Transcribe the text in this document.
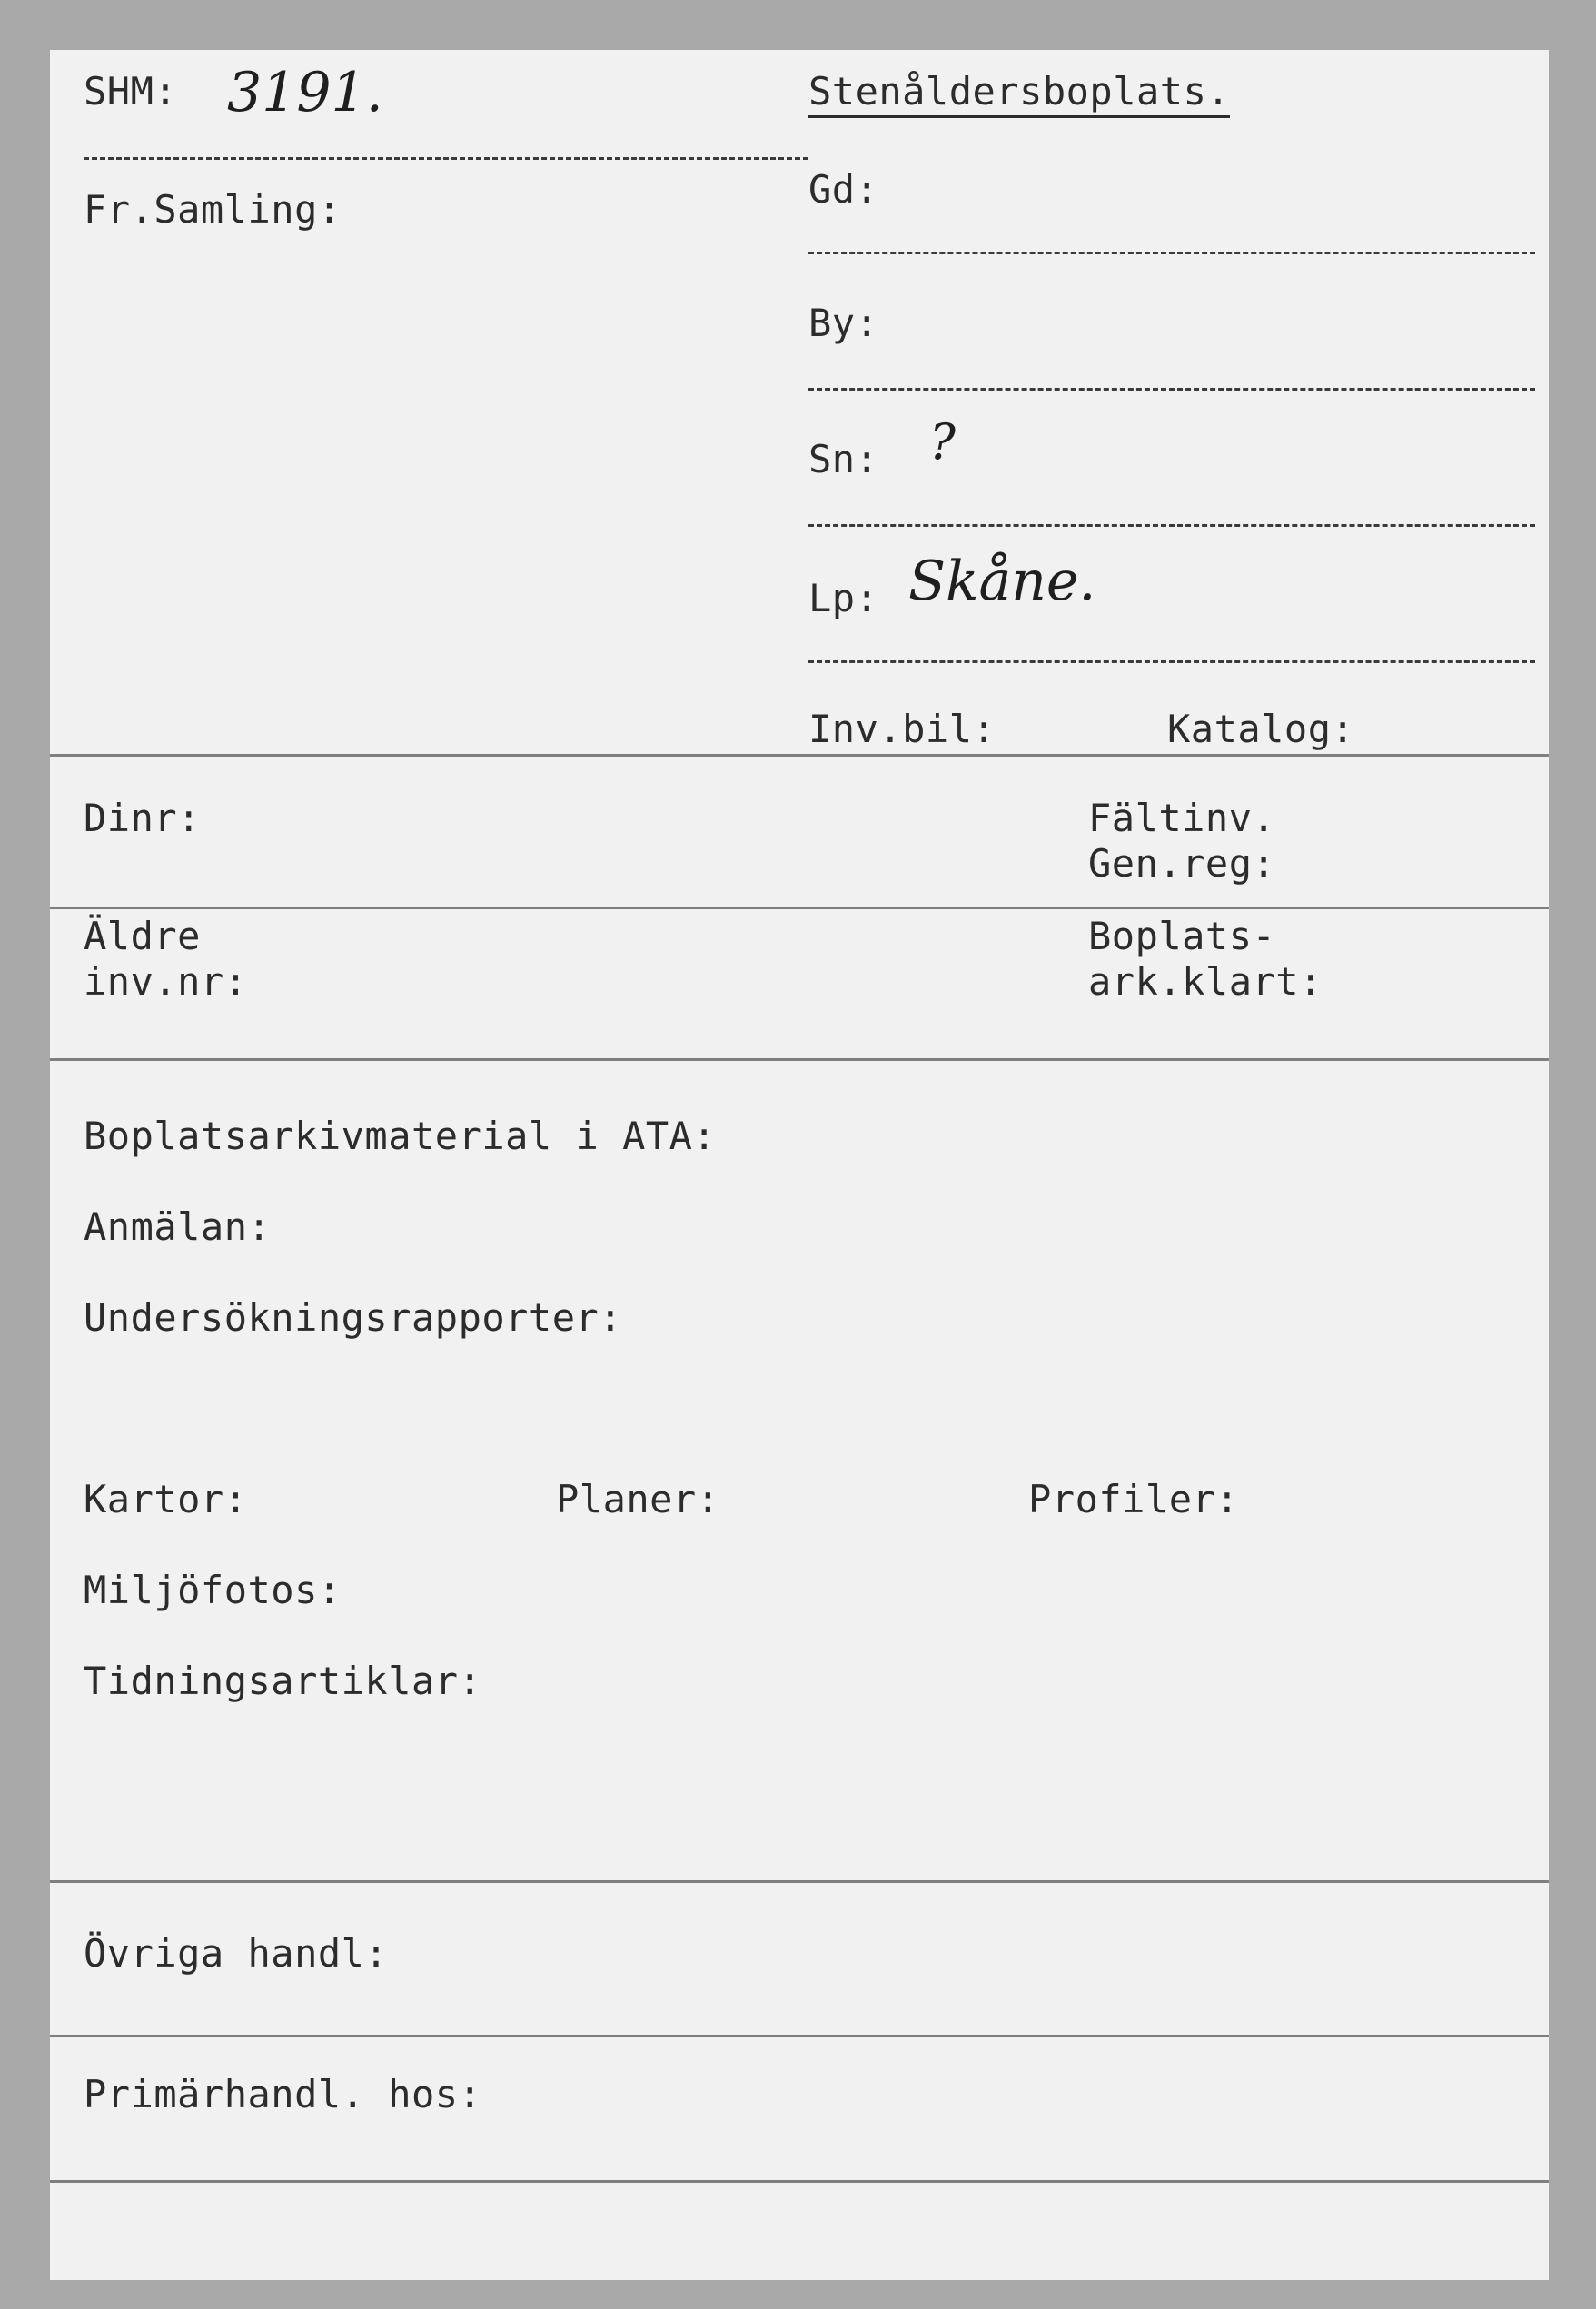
SHM: 3191.	Stenåldersboplats.
Fr.Samling:	Gd:
By:
Sn: ?
Lp: Skåne.
Inv.bil:	Katalog:
Dinr:	Fältinv.
Gen.reg:
Äldre
inv.nr:
Boplats-
ark.klart:
Boplatsarkivmaterial i ATA:
Anmälan:
Undersökningsrapporter:
Kartor:	Planer:	Profiler:
Miljöfotos:
Tidningsartiklar:
Övriga handl:
Primärhandl. hos:
